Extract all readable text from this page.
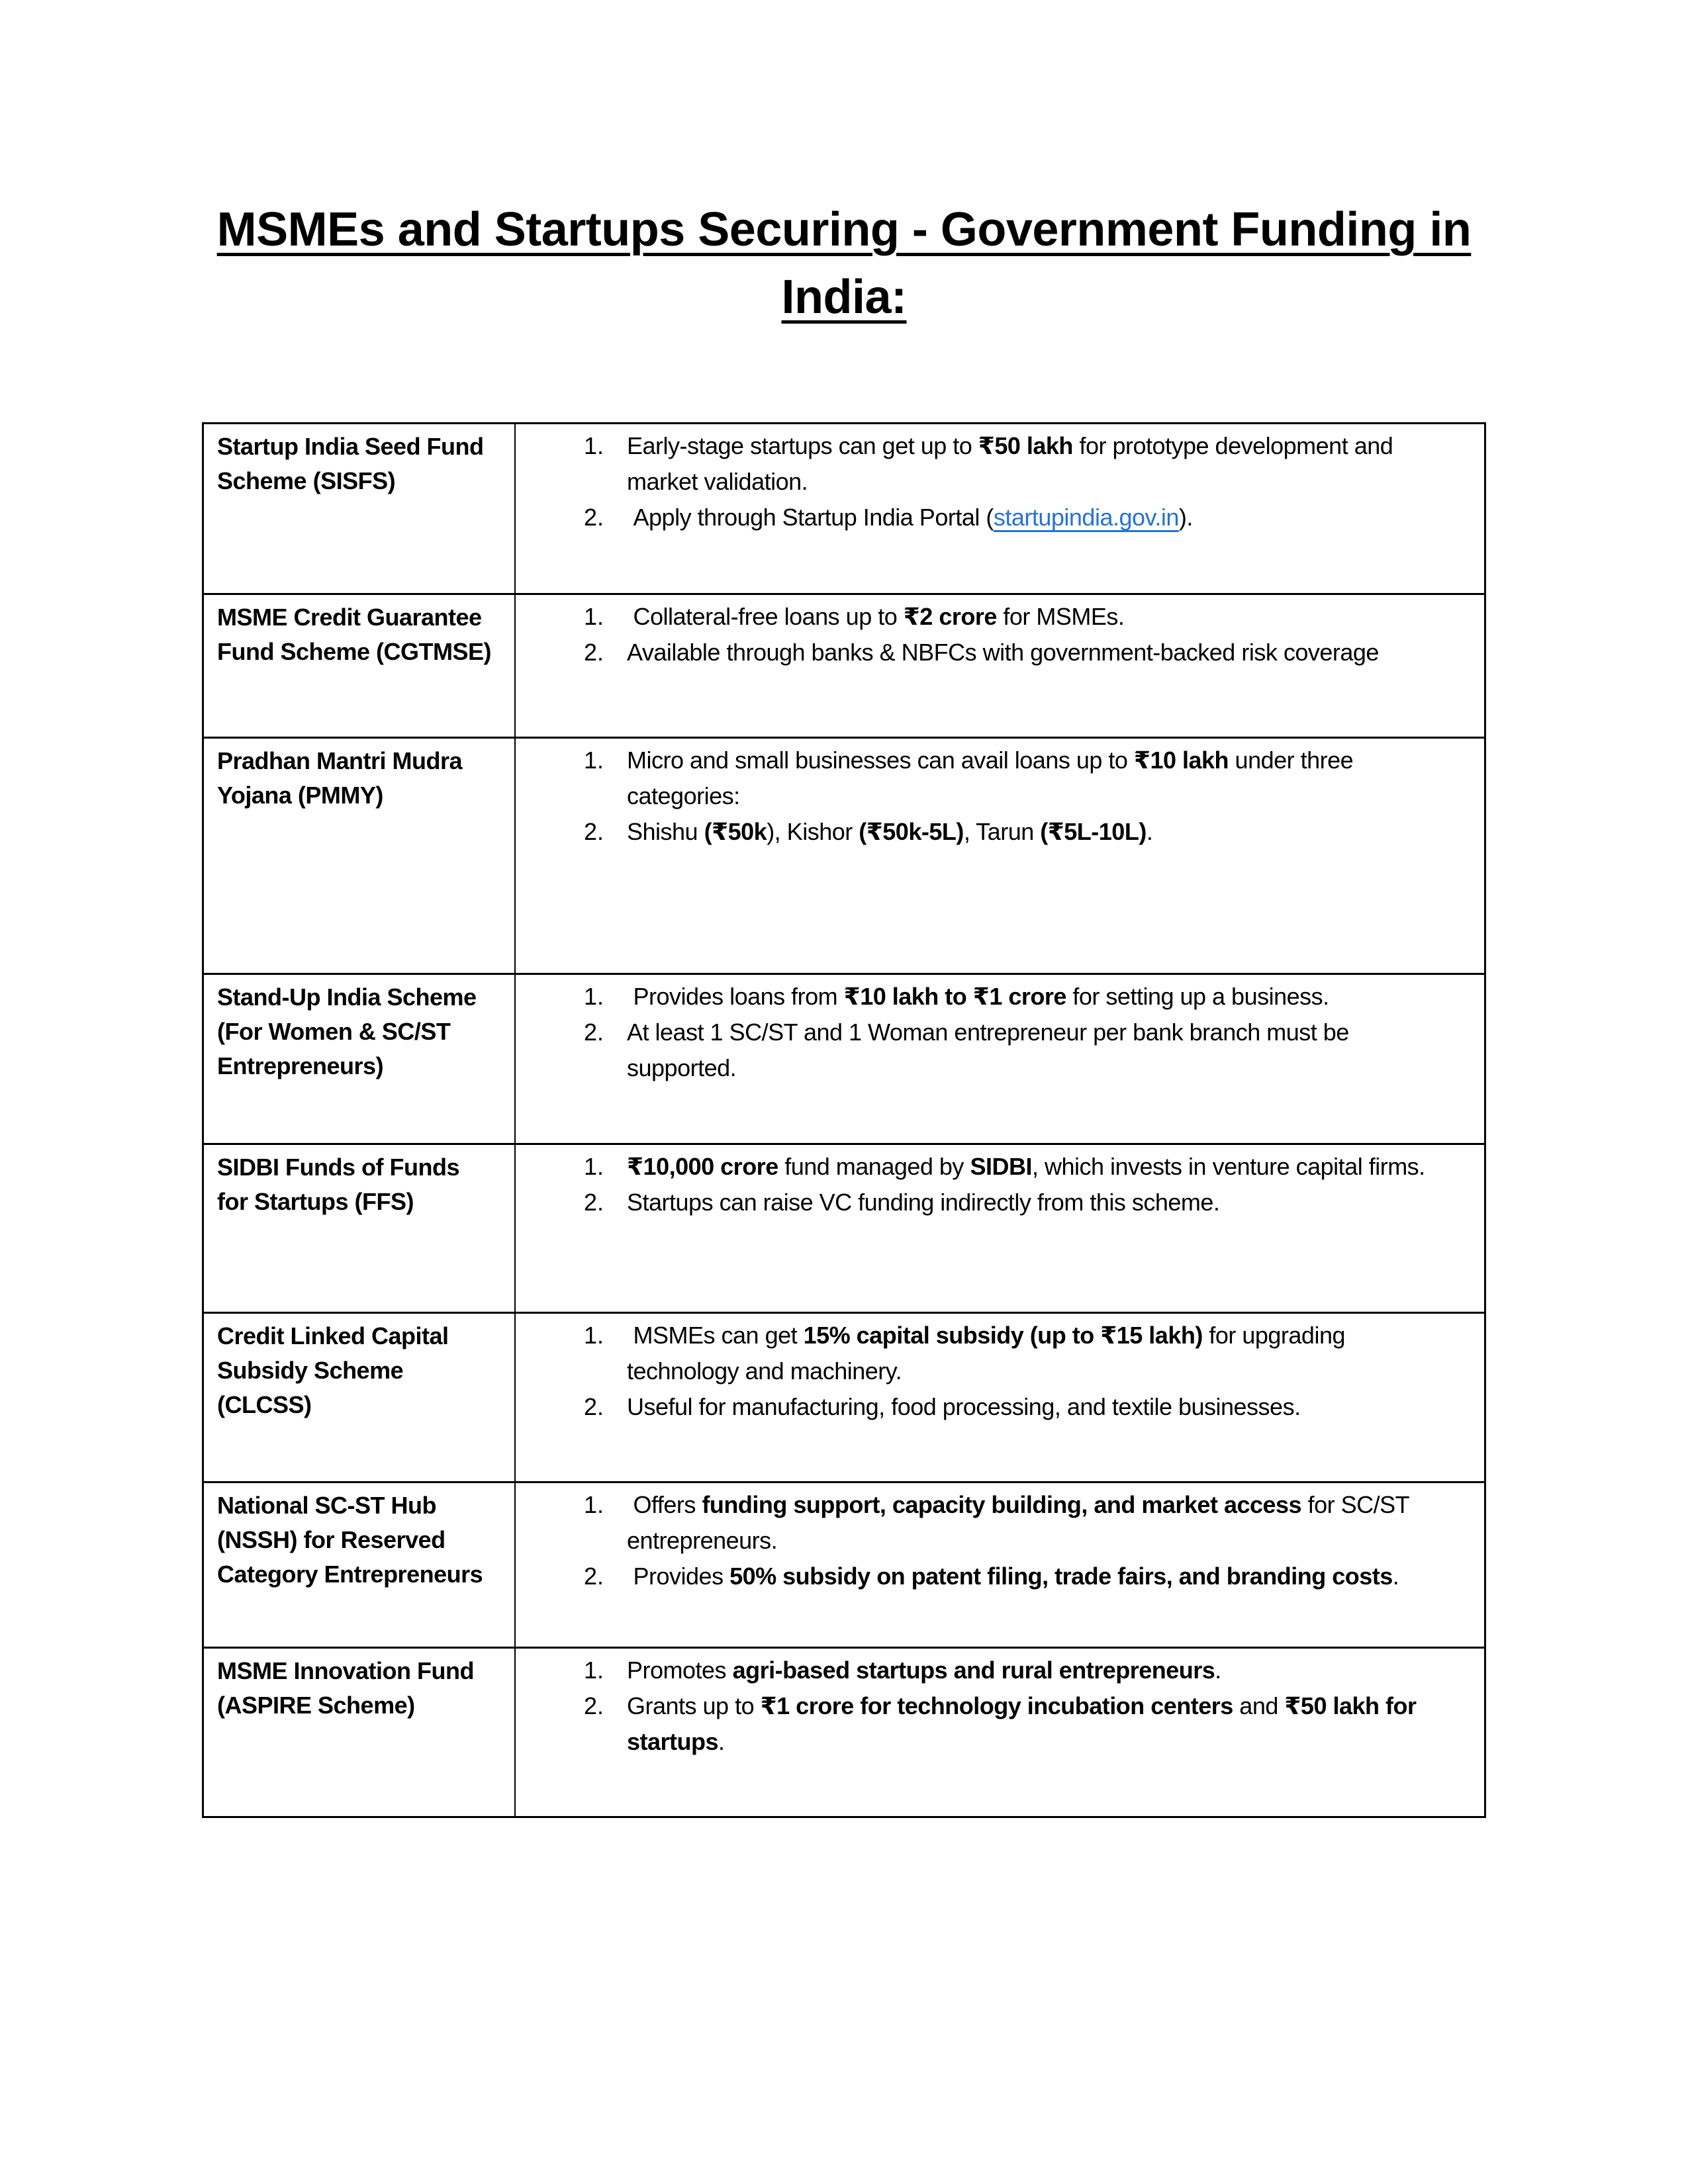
MSMEs and Startups Securing - Government Funding in
India:
Startup India Seed Fund Scheme (SISFS)
1. Early-stage startups can get up to ₹50 lakh for prototype development and market validation.
2. Apply through Startup India Portal (startupindia.gov.in).
MSME Credit Guarantee Fund Scheme (CGTMSE)
1. Collateral-free loans up to ₹2 crore for MSMEs.
2. Available through banks & NBFCs with government-backed risk coverage
Pradhan Mantri Mudra Yojana (PMMY)
1. Micro and small businesses can avail loans up to ₹10 lakh under three categories:
2. Shishu (₹50k), Kishor (₹50k-5L), Tarun (₹5L-10L).
Stand-Up India Scheme (For Women & SC/ST Entrepreneurs)
1. Provides loans from ₹10 lakh to ₹1 crore for setting up a business.
2. At least 1 SC/ST and 1 Woman entrepreneur per bank branch must be supported.
SIDBI Funds of Funds for Startups (FFS)
1. ₹10,000 crore fund managed by SIDBI, which invests in venture capital firms.
2. Startups can raise VC funding indirectly from this scheme.
Credit Linked Capital Subsidy Scheme (CLCSS)
1. MSMEs can get 15% capital subsidy (up to ₹15 lakh) for upgrading technology and machinery.
2. Useful for manufacturing, food processing, and textile businesses.
National SC-ST Hub (NSSH) for Reserved Category Entrepreneurs
1. Offers funding support, capacity building, and market access for SC/ST entrepreneurs.
2. Provides 50% subsidy on patent filing, trade fairs, and branding costs.
MSME Innovation Fund (ASPIRE Scheme)
1. Promotes agri-based startups and rural entrepreneurs.
2. Grants up to ₹1 crore for technology incubation centers and ₹50 lakh for startups.
